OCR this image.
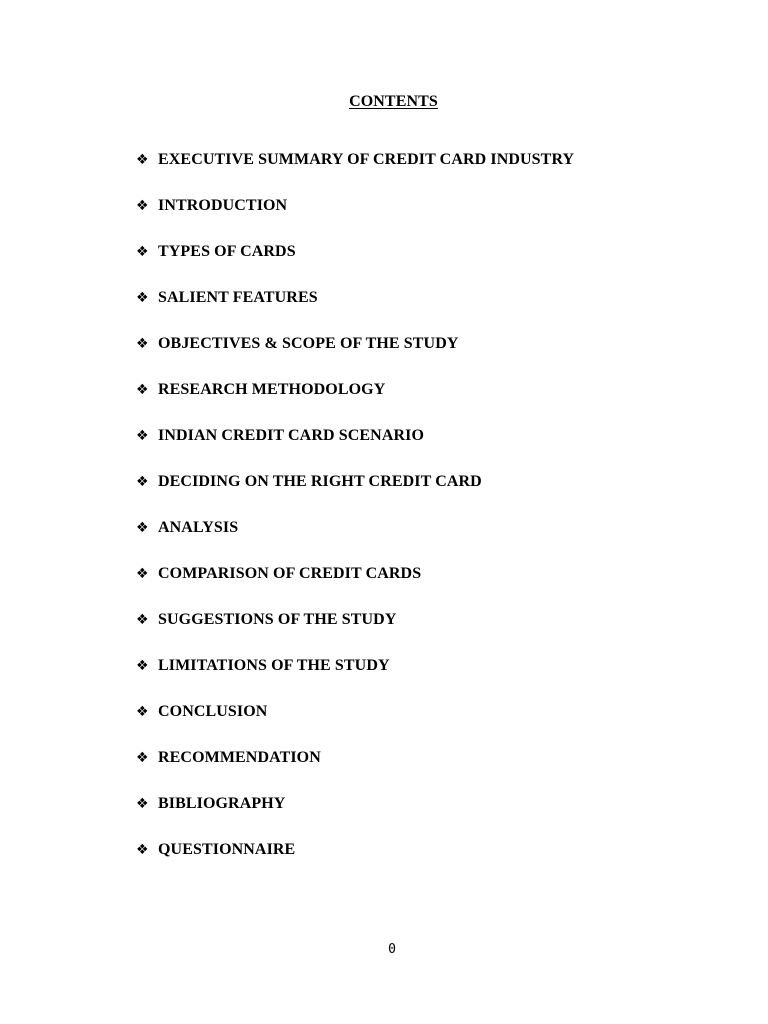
CONTENTS
❖ EXECUTIVE SUMMARY OF CREDIT CARD INDUSTRY
❖ INTRODUCTION
❖ TYPES OF CARDS
❖ SALIENT FEATURES
❖ OBJECTIVES & SCOPE OF THE STUDY
❖ RESEARCH METHODOLOGY
❖ INDIAN CREDIT CARD SCENARIO
❖ DECIDING ON THE RIGHT CREDIT CARD
❖ ANALYSIS
❖ COMPARISON OF CREDIT CARDS
❖ SUGGESTIONS OF THE STUDY
❖ LIMITATIONS OF THE STUDY
❖ CONCLUSION
❖ RECOMMENDATION
❖ BIBLIOGRAPHY
❖ QUESTIONNAIRE
0
